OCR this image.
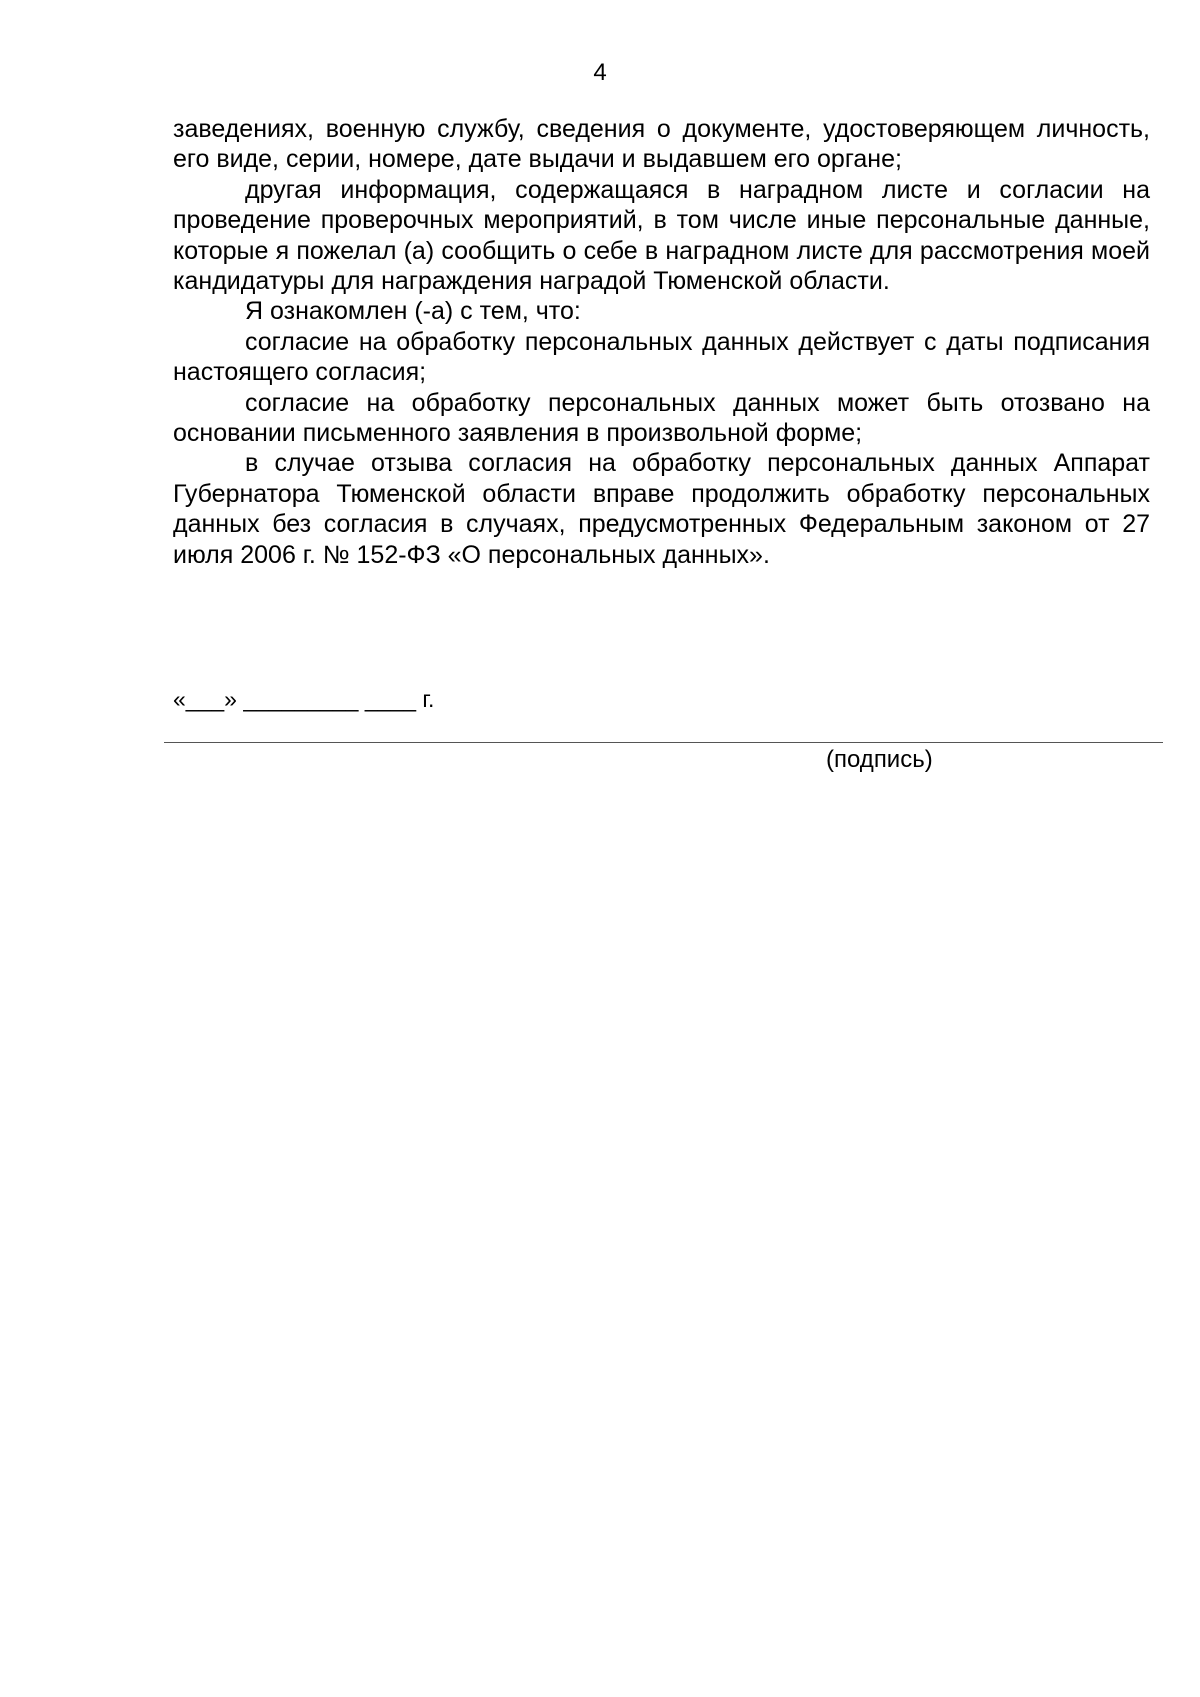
4

заведениях, военную службу, сведения о документе, удостоверяющем личность, его виде, серии, номере, дате выдачи и выдавшем его органе;

другая информация, содержащаяся в наградном листе и согласии на проведение проверочных мероприятий, в том числе иные персональные данные, которые я пожелал (а) сообщить о себе в наградном листе для рассмотрения моей кандидатуры для награждения наградой Тюменской области.

Я ознакомлен (-а) с тем, что:

согласие на обработку персональных данных действует с даты подписания настоящего согласия;

согласие на обработку персональных данных может быть отозвано на основании письменного заявления в произвольной форме;

в случае отзыва согласия на обработку персональных данных Аппарат Губернатора Тюменской области вправе продолжить обработку персональных данных без согласия в случаях, предусмотренных Федеральным законом от 27 июля 2006 г. № 152-ФЗ «О персональных данных».

«___» _________ ____ г.
(подпись)
